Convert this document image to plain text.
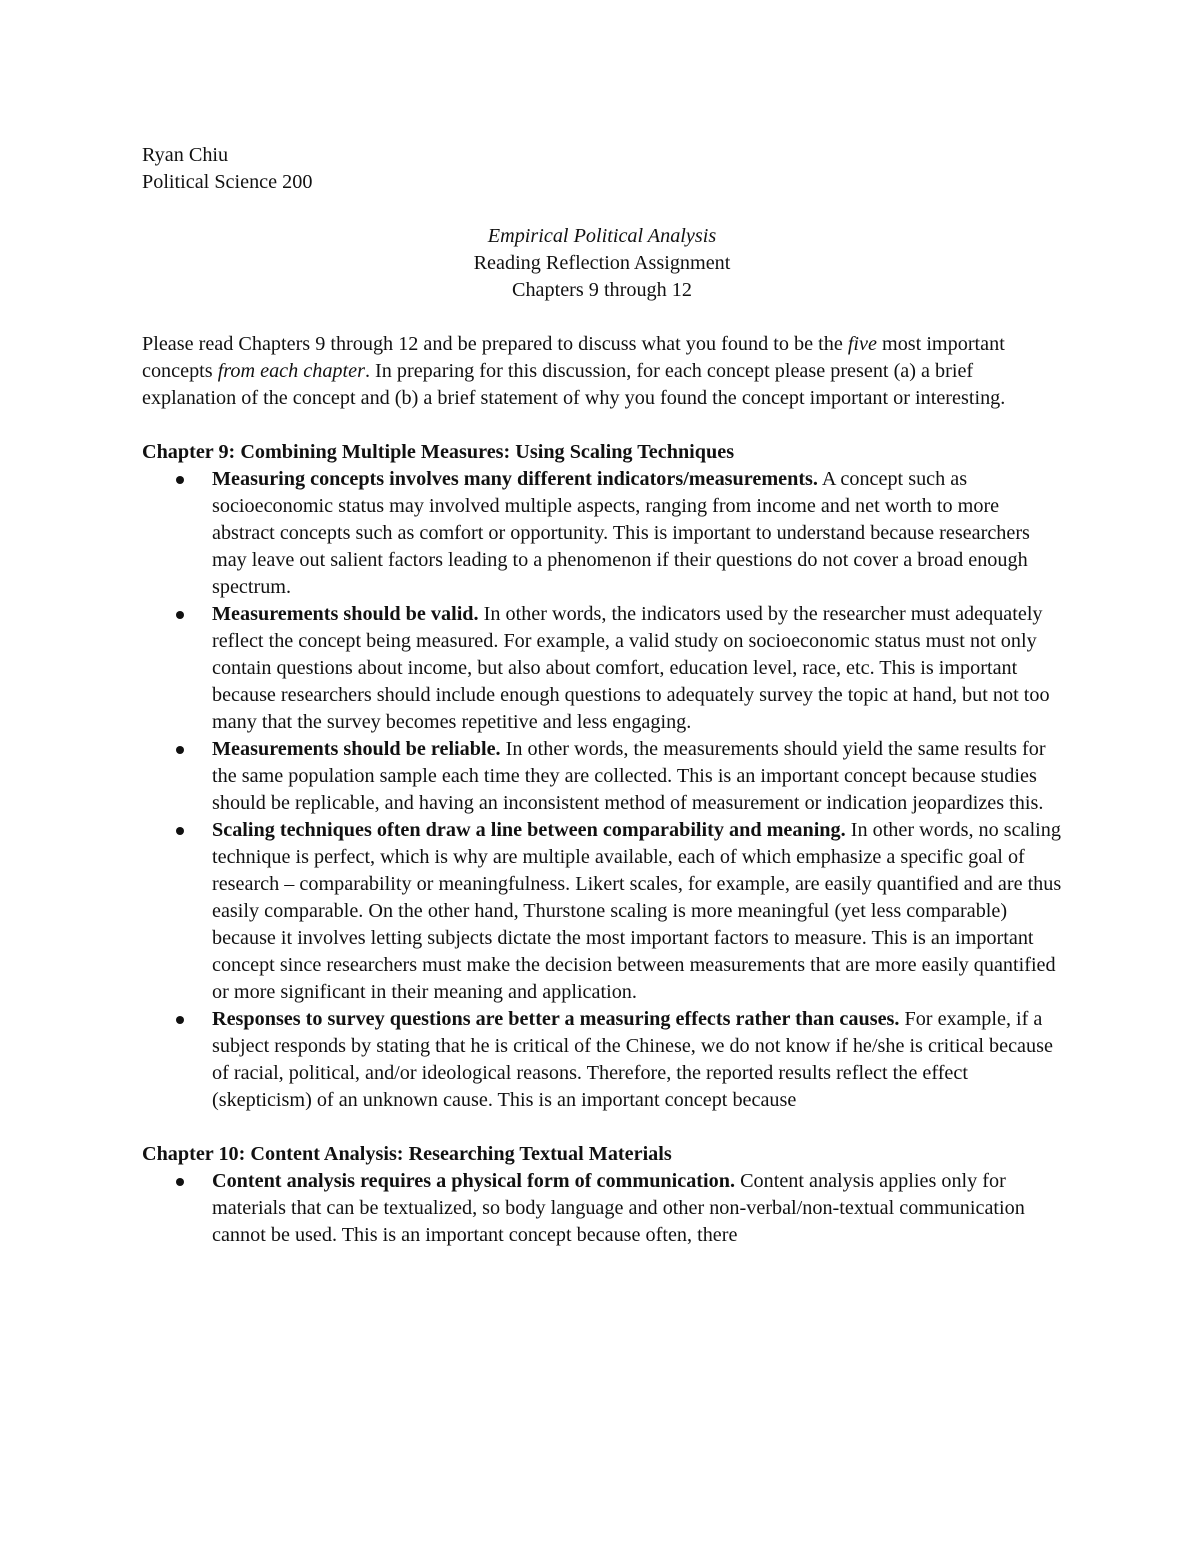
Ryan Chiu
Political Science 200
Empirical Political Analysis
Reading Reflection Assignment
Chapters 9 through 12

Please read Chapters 9 through 12 and be prepared to discuss what you found to be the five most important concepts from each chapter. In preparing for this discussion, for each concept please present (a) a brief explanation of the concept and (b) a brief statement of why you found the concept important or interesting.

Chapter 9: Combining Multiple Measures: Using Scaling Techniques
Measuring concepts involves many different indicators/measurements. A concept such as socioeconomic status may involved multiple aspects, ranging from income and net worth to more abstract concepts such as comfort or opportunity. This is important to understand because researchers may leave out salient factors leading to a phenomenon if their questions do not cover a broad enough spectrum.
Measurements should be valid. In other words, the indicators used by the researcher must adequately reflect the concept being measured. For example, a valid study on socioeconomic status must not only contain questions about income, but also about comfort, education level, race, etc. This is important because researchers should include enough questions to adequately survey the topic at hand, but not too many that the survey becomes repetitive and less engaging.
Measurements should be reliable. In other words, the measurements should yield the same results for the same population sample each time they are collected. This is an important concept because studies should be replicable, and having an inconsistent method of measurement or indication jeopardizes this.
Scaling techniques often draw a line between comparability and meaning. In other words, no scaling technique is perfect, which is why are multiple available, each of which emphasize a specific goal of research – comparability or meaningfulness. Likert scales, for example, are easily quantified and are thus easily comparable. On the other hand, Thurstone scaling is more meaningful (yet less comparable) because it involves letting subjects dictate the most important factors to measure. This is an important concept since researchers must make the decision between measurements that are more easily quantified or more significant in their meaning and application.
Responses to survey questions are better a measuring effects rather than causes. For example, if a subject responds by stating that he is critical of the Chinese, we do not know if he/she is critical because of racial, political, and/or ideological reasons. Therefore, the reported results reflect the effect (skepticism) of an unknown cause. This is an important concept because
Chapter 10: Content Analysis: Researching Textual Materials
Content analysis requires a physical form of communication. Content analysis applies only for materials that can be textualized, so body language and other non-verbal/non-textual communication cannot be used. This is an important concept because often, there
